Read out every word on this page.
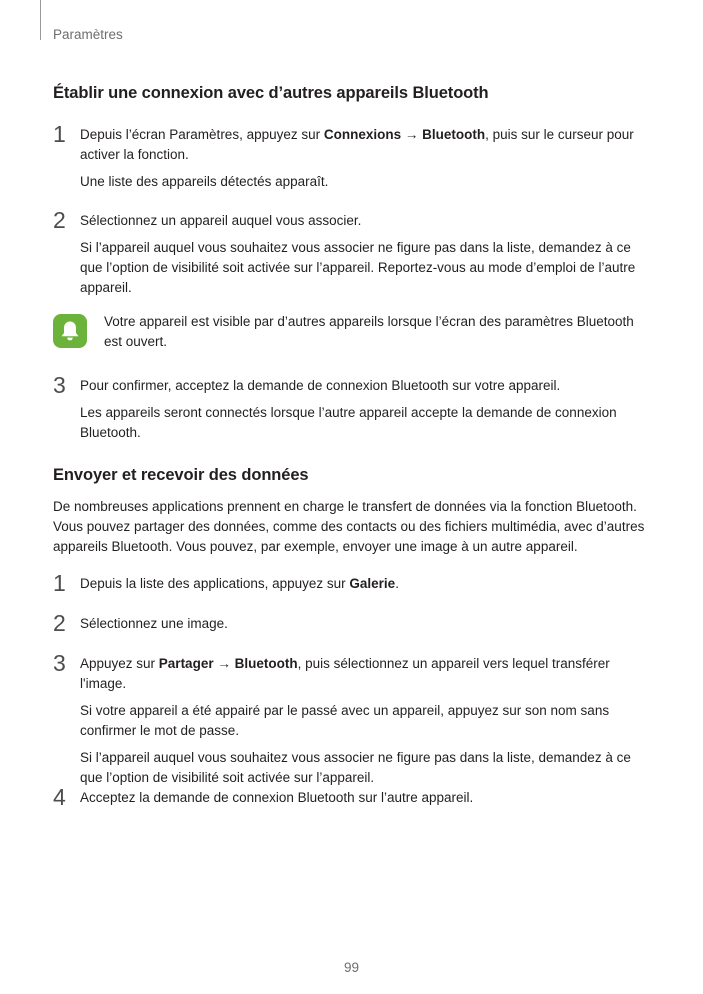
Paramètres
Établir une connexion avec d’autres appareils Bluetooth
1 Depuis l’écran Paramètres, appuyez sur Connexions → Bluetooth, puis sur le curseur pour activer la fonction.

Une liste des appareils détectés apparaît.

2 Sélectionnez un appareil auquel vous associer.

Si l’appareil auquel vous souhaitez vous associer ne figure pas dans la liste, demandez à ce que l’option de visibilité soit activée sur l’appareil. Reportez-vous au mode d’emploi de l’autre appareil.

Votre appareil est visible par d’autres appareils lorsque l’écran des paramètres Bluetooth est ouvert.
3 Pour confirmer, acceptez la demande de connexion Bluetooth sur votre appareil.

Les appareils seront connectés lorsque l’autre appareil accepte la demande de connexion Bluetooth.

Envoyer et recevoir des données
De nombreuses applications prennent en charge le transfert de données via la fonction Bluetooth. Vous pouvez partager des données, comme des contacts ou des fichiers multimédia, avec d’autres appareils Bluetooth. Vous pouvez, par exemple, envoyer une image à un autre appareil.
1 Depuis la liste des applications, appuyez sur Galerie.

2 Sélectionnez une image.

3 Appuyez sur Partager → Bluetooth, puis sélectionnez un appareil vers lequel transférer l'image.

Si votre appareil a été appairé par le passé avec un appareil, appuyez sur son nom sans confirmer le mot de passe.

Si l’appareil auquel vous souhaitez vous associer ne figure pas dans la liste, demandez à ce que l’option de visibilité soit activée sur l’appareil.

4 Acceptez la demande de connexion Bluetooth sur l’autre appareil.

99
